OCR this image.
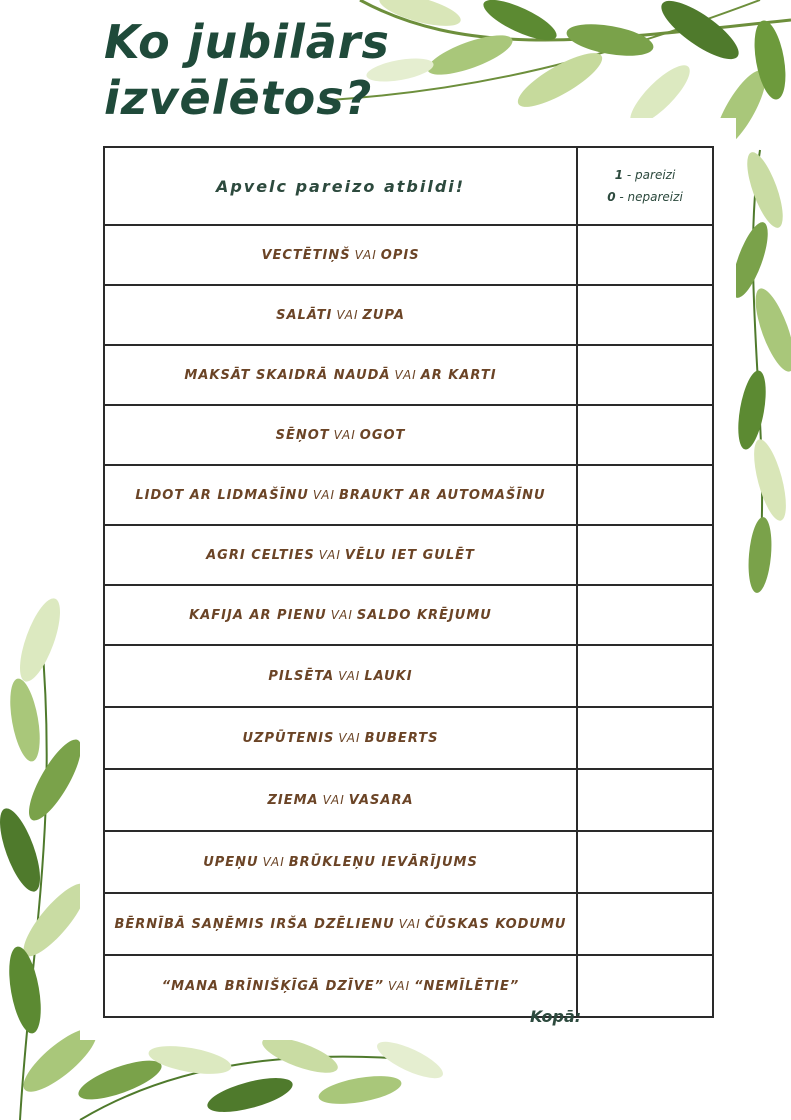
Ko jubilārs
izvēlētos?
Apvelc pareizo atbildi!	1 - pareizi
0 - nepareizi

VECTĒTIŅŠ VAI OPIS	
SALĀTI VAI ZUPA	
MAKSĀT SKAIDRĀ NAUDĀ VAI AR KARTI	
SĒŅOT VAI OGOT	
LIDOT AR LIDMAŠĪNU VAI BRAUKT AR AUTOMAŠĪNU	
AGRI CELTIES VAI VĒLU IET GULĒT	
KAFIJA AR PIENU VAI SALDO KRĒJUMU	
PILSĒTA VAI LAUKI	
UZPŪTENIS VAI BUBERTS	
ZIEMA VAI VASARA	
UPEŅU VAI BRŪKLEŅU IEVĀRĪJUMS	
BĒRNĪBĀ SAŅĒMIS IRŠA DZĒLIENU VAI ČŪSKAS KODUMU	
“MANA BRĪNIŠĶĪGĀ DZĪVE” VAI “NEMĪLĒTIE”	
Kopā:
